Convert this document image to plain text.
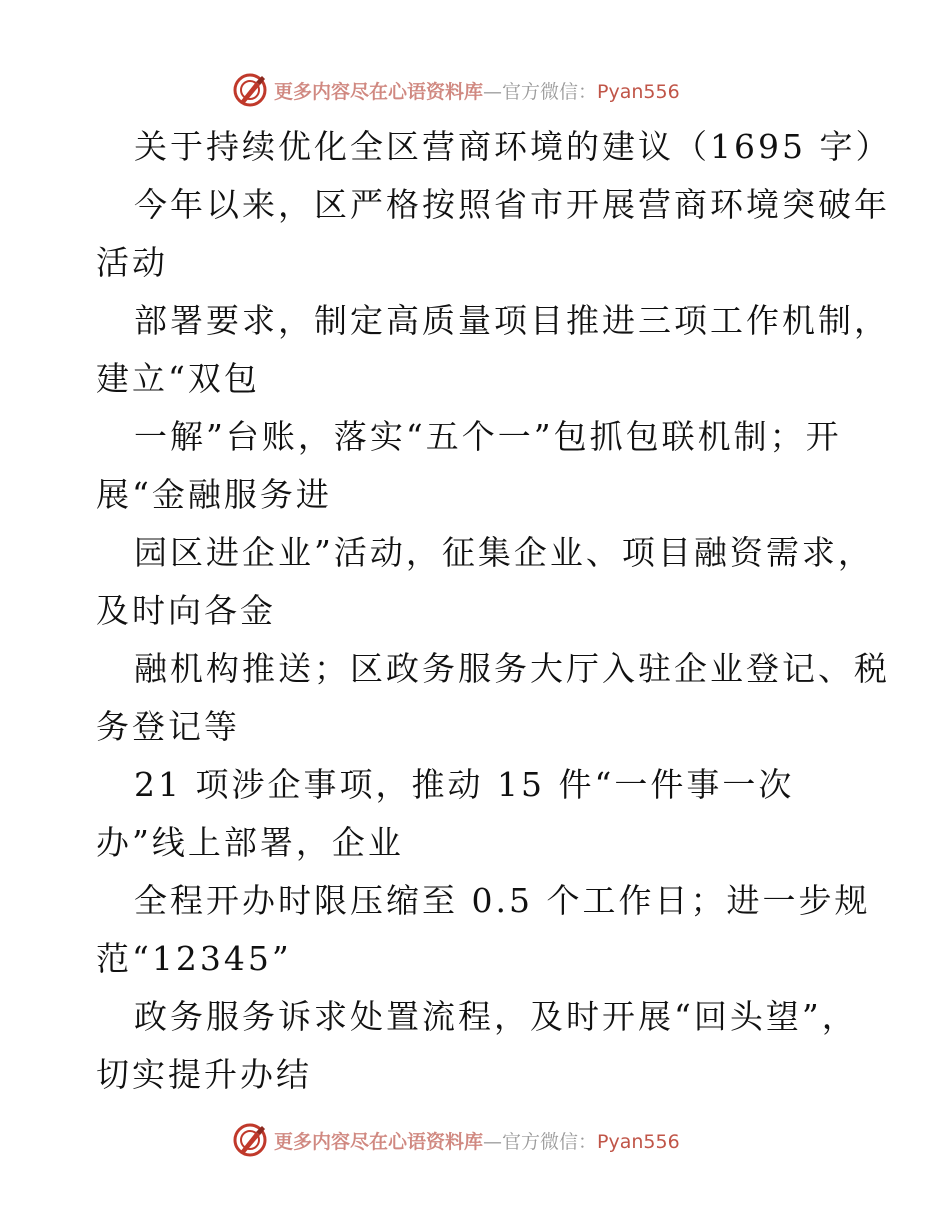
更多内容尽在心语资料库—官方微信：Pyan556
关于持续优化全区营商环境的建议（1695 字）
今年以来，区严格按照省市开展营商环境突破年
活动
部署要求，制定高质量项目推进三项工作机制，
建立“双包
一解”台账，落实“五个一”包抓包联机制；开
展“金融服务进
园区进企业”活动，征集企业、项目融资需求，
及时向各金
融机构推送；区政务服务大厅入驻企业登记、税
务登记等
21 项涉企事项，推动 15 件“一件事一次
办”线上部署，企业
全程开办时限压缩至 0.5 个工作日；进一步规
范“12345”
政务服务诉求处置流程，及时开展“回头望”，
切实提升办结
更多内容尽在心语资料库—官方微信：Pyan556
